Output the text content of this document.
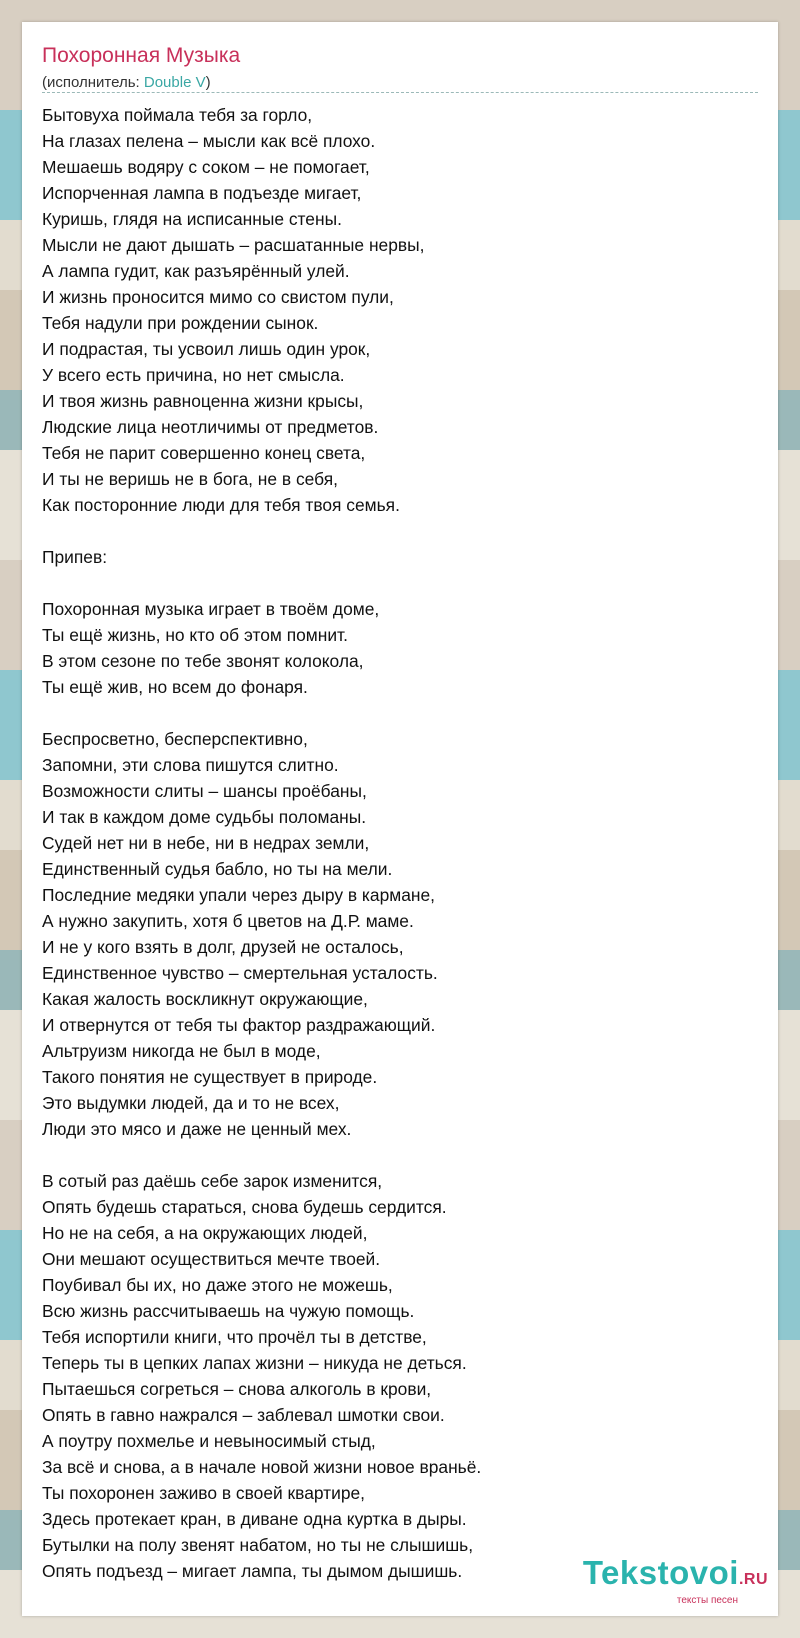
Похоронная Музыка
(исполнитель: Double V)
Бытовуха поймала тебя за горло,
На глазах пелена – мысли как всё плохо.
Мешаешь водяру с соком – не помогает,
Испорченная лампа в подъезде мигает,
Куришь, глядя на исписанные стены.
Мысли не дают дышать – расшатанные нервы,
А лампа гудит, как разъярённый улей.
И жизнь проносится мимо со свистом пули,
Тебя надули при рождении сынок.
И подрастая, ты усвоил лишь один урок,
У всего есть причина, но нет смысла.
И твоя жизнь равноценна жизни крысы,
Людские лица неотличимы от предметов.
Тебя не парит совершенно конец света,
И ты не веришь не в бога, не в себя,
Как посторонние люди для тебя твоя семья.
Припев:
Похоронная музыка играет в твоём доме,
Ты ещё жизнь, но кто об этом помнит.
В этом сезоне по тебе звонят колокола,
Ты ещё жив, но всем до фонаря.
Беспросветно, бесперспективно,
Запомни, эти слова пишутся слитно.
Возможности слиты – шансы проёбаны,
И так в каждом доме судьбы поломаны.
Судей нет ни в небе, ни в недрах земли,
Единственный судья бабло, но ты на мели.
Последние медяки упали через дыру в кармане,
А нужно закупить, хотя б цветов на Д.Р. маме.
И не у кого взять в долг, друзей не осталось,
Единственное чувство – смертельная усталость.
Какая жалость воскликнут окружающие,
И отвернутся от тебя ты фактор раздражающий.
Альтруизм никогда не был в моде,
Такого понятия не существует в природе.
Это выдумки людей, да и то не всех,
Люди это мясо и даже не ценный мех.
В сотый раз даёшь себе зарок изменится,
Опять будешь стараться, снова будешь сердится.
Но не на себя, а на окружающих людей,
Они мешают осуществиться мечте твоей.
Поубивал бы их, но даже этого не можешь,
Всю жизнь рассчитываешь на чужую помощь.
Тебя испортили книги, что прочёл ты в детстве,
Теперь ты в цепких лапах жизни – никуда не деться.
Пытаешься согреться – снова алкоголь в крови,
Опять в гавно нажрался – заблевал шмотки свои.
А поутру похмелье и невыносимый стыд,
За всё и снова, а в начале новой жизни новое враньё.
Ты похоронен заживо в своей квартире,
Здесь протекает кран, в диване одна куртка в дыры.
Бутылки на полу звенят набатом, но ты не слышишь,
Опять подъезд – мигает лампа, ты дымом дышишь.	Tekstovoi.RU
тексты песен
